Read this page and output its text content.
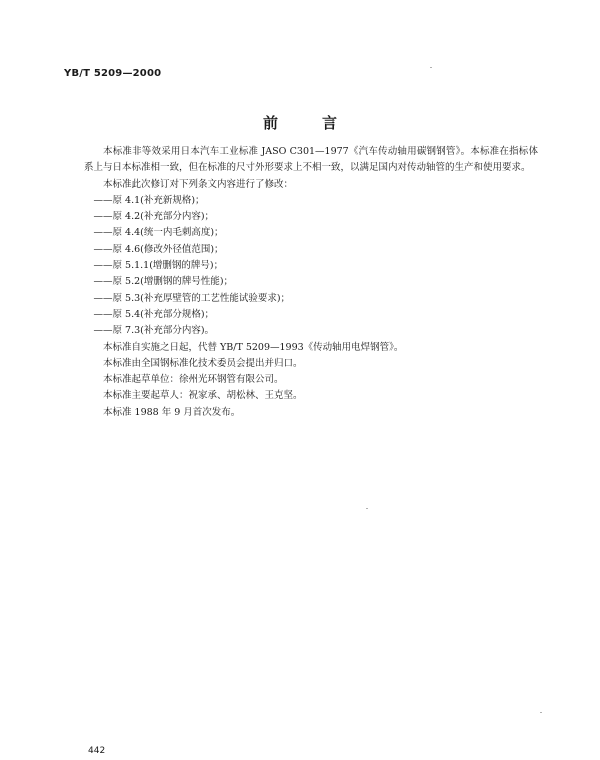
YB/T 5209—2000
前言

本标准非等效采用日本汽车工业标准 JASO C301—1977《汽车传动轴用碳钢钢管》。本标准在指标体系上与日本标准相一致，但在标准的尺寸外形要求上不相一致，以满足国内对传动轴管的生产和使用要求。

本标准此次修订对下列条文内容进行了修改：

——原 4.1(补充新规格)；

——原 4.2(补充部分内容)；

——原 4.4(统一内毛刺高度)；

——原 4.6(修改外径值范围)；

——原 5.1.1(增删钢的牌号)；

——原 5.2(增删钢的牌号性能)；

——原 5.3(补充厚壁管的工艺性能试验要求)；

——原 5.4(补充部分规格)；

——原 7.3(补充部分内容)。

本标准自实施之日起，代替 YB/T 5209—1993《传动轴用电焊钢管》。

本标准由全国钢标准化技术委员会提出并归口。

本标准起草单位：徐州光环钢管有限公司。

本标准主要起草人：祝家承、胡松林、王克坚。

本标准 1988 年 9 月首次发布。

442
